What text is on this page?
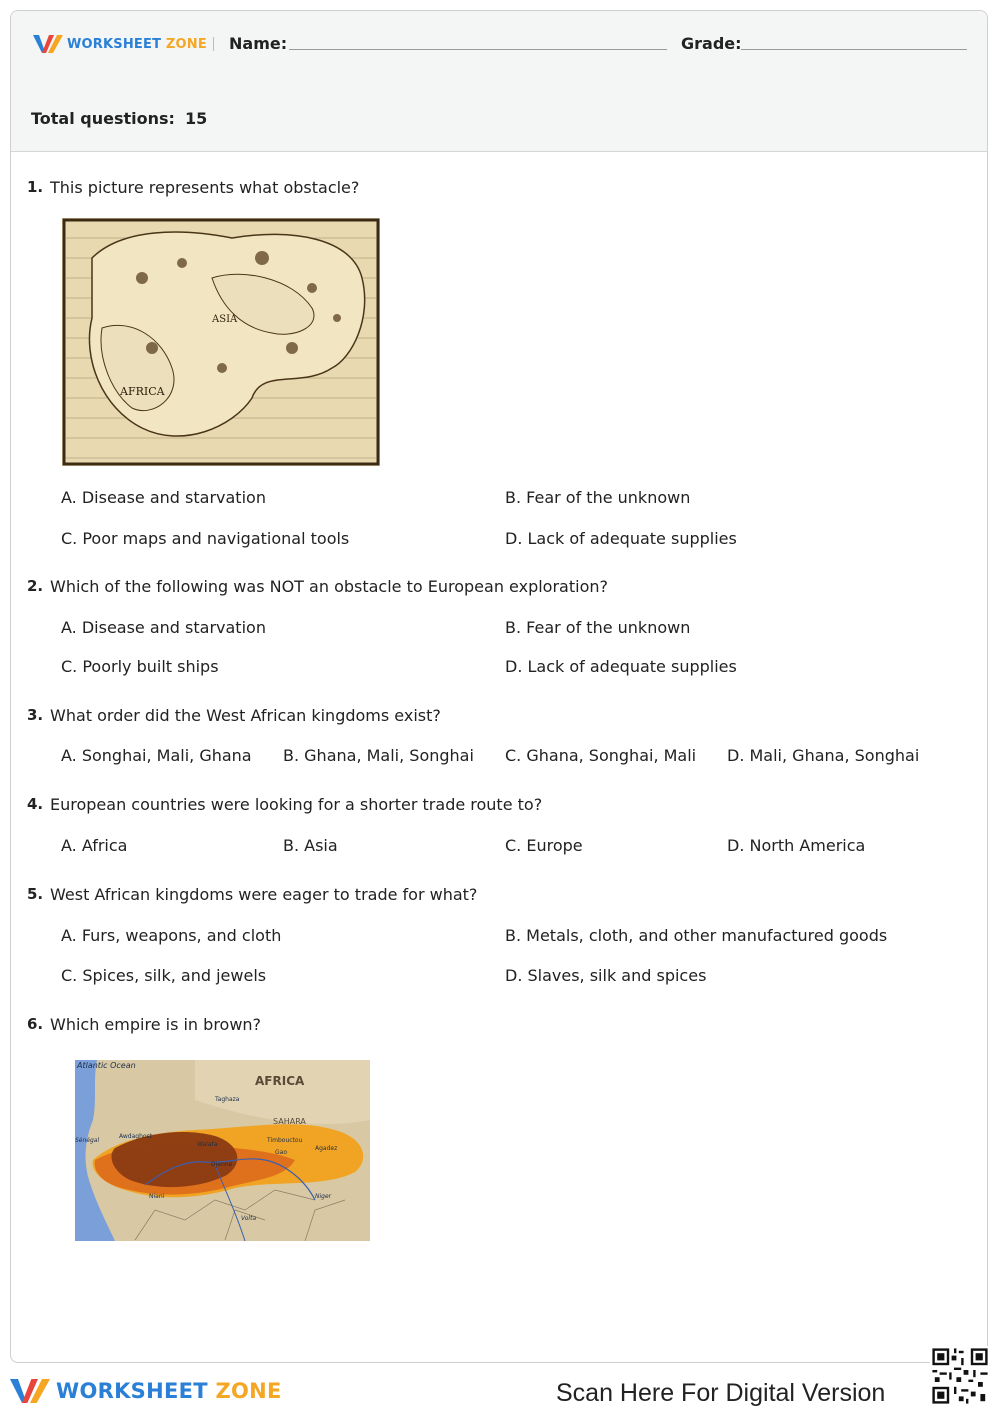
WORKSHEET ZONE Name:	Grade:
Total questions: 15
1. This picture represents what obstacle?
ASIA
AFRICA
A. Disease and starvation	B. Fear of the unknown
C. Poor maps and navigational tools	D. Lack of adequate supplies
2. Which of the following was NOT an obstacle to European exploration?
A. Disease and starvation	B. Fear of the unknown
C. Poorly built ships	D. Lack of adequate supplies
3. What order did the West African kingdoms exist?
A. Songhai, Mali, Ghana B. Ghana, Mali, Songhai C. Ghana, Songhai, Mali D. Mali, Ghana, Songhai
4. European countries were looking for a shorter trade route to?
A. Africa	B. Asia	C. Europe	D. North America
5. West African kingdoms were eager to trade for what?
A. Furs, weapons, and cloth	B. Metals, cloth, and other manufactured goods
C. Spices, silk, and jewels	D. Slaves, silk and spices
6. Which empire is in brown?
Atlantic Ocean
AFRICA
Taghaza
SAHARA
Awdaghost
Walata
Timbouctou
Agadez
Djenné
Gao
Niani	Niger
Volta
Sénégal
WORKSHEET ZONE	Scan Here For Digital Version
